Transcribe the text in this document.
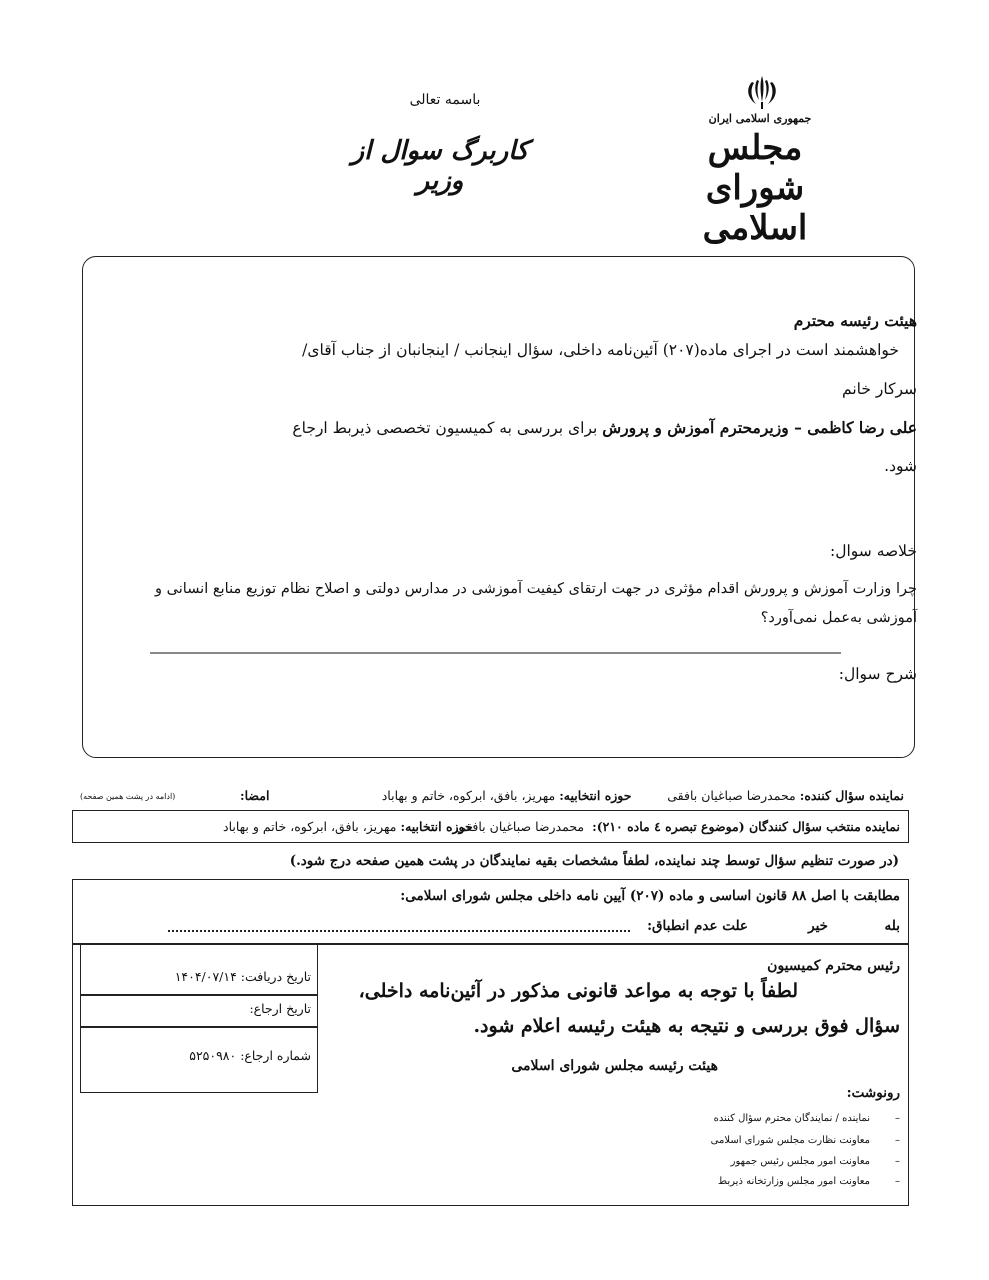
جمهوری اسلامی ایران
مجلس شورای اسلامی
باسمه تعالی
کاربرگ سوال از وزیر
هیئت رئیسه محترم
خواهشمند است در اجرای ماده(۲۰۷) آئین‌نامه داخلی، سؤال اینجانب / اینجانبان از جناب آقای/
سرکار خانم
علی رضا کاظمی – وزیرمحترم آموزش و پرورش برای بررسی به کمیسیون تخصصی ذیربط ارجاع
شود.
خلاصه سوال:
چرا وزارت آموزش و پرورش اقدام مؤثری در جهت ارتقای کیفیت آموزشی در مدارس دولتی و اصلاح نظام توزیع منابع انسانی و آموزشی به‌عمل نمی‌آورد؟
شرح سوال:
نماینده سؤال کننده: محمدرضا صباغیان بافقی         حوزه انتخابیه: مهریز، بافق، ابرکوه، خاتم و بهاباد
امضا:
(ادامه در پشت همین صفحه)
نماینده منتخب سؤال کنندگان (موضوع تبصره ٤ ماده ۲۱۰):  محمدرضا صباغیان بافقی
حوزه انتخابیه: مهریز، بافق، ابرکوه، خاتم و بهاباد
(در صورت تنظیم سؤال توسط چند نماینده، لطفاً مشخصات بقیه نمایندگان در پشت همین صفحه درج شود.)
مطابقت با اصل ۸۸ قانون اساسی و ماده (۲۰۷) آیین نامه داخلی مجلس شورای اسلامی:
بله
خیر
علت عدم انطباق:
تاریخ دریافت: ۱۴۰۴/۰۷/۱۴
تاریخ ارجاع:
شماره ارجاع: ۵۲۵۰۹۸۰
رئیس محترم کمیسیون
لطفاً با توجه به مواعد قانونی مذکور در آئین‌نامه داخلی،
سؤال فوق بررسی و نتیجه به هیئت رئیسه اعلام شود.
هیئت رئیسه مجلس شورای اسلامی
رونوشت:
نماینده / نمایندگان محترم سؤال کننده	–
معاونت نظارت مجلس شورای اسلامی	–
معاونت امور مجلس رئیس جمهور	–
معاونت امور مجلس وزارتخانه ذیربط	–
